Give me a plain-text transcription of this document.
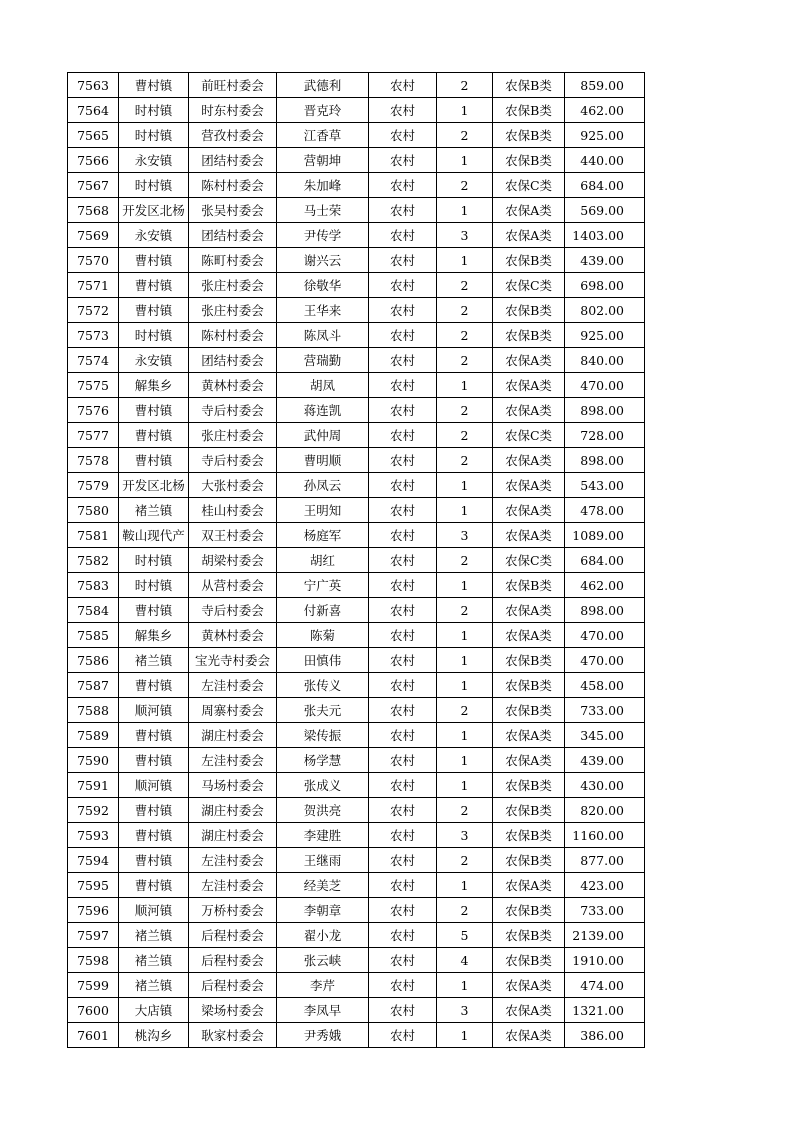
7563	曹村镇	前旺村委会	武德利	农村	2	农保B类	859.00
7564	时村镇	时东村委会	晋克玲	农村	1	农保B类	462.00
7565	时村镇	营孜村委会	江香草	农村	2	农保B类	925.00
7566	永安镇	团结村委会	营朝坤	农村	1	农保B类	440.00
7567	时村镇	陈村村委会	朱加峰	农村	2	农保C类	684.00
7568	开发区北杨	张吴村委会	马士荣	农村	1	农保A类	569.00
7569	永安镇	团结村委会	尹传学	农村	3	农保A类	1403.00
7570	曹村镇	陈町村委会	谢兴云	农村	1	农保B类	439.00
7571	曹村镇	张庄村委会	徐敬华	农村	2	农保C类	698.00
7572	曹村镇	张庄村委会	王华来	农村	2	农保B类	802.00
7573	时村镇	陈村村委会	陈凤斗	农村	2	农保B类	925.00
7574	永安镇	团结村委会	营瑞勤	农村	2	农保A类	840.00
7575	解集乡	黄林村委会	胡凤	农村	1	农保A类	470.00
7576	曹村镇	寺后村委会	蒋连凯	农村	2	农保A类	898.00
7577	曹村镇	张庄村委会	武仲周	农村	2	农保C类	728.00
7578	曹村镇	寺后村委会	曹明顺	农村	2	农保A类	898.00
7579	开发区北杨	大张村委会	孙凤云	农村	1	农保A类	543.00
7580	褚兰镇	桂山村委会	王明知	农村	1	农保A类	478.00
7581	鞍山现代产	双王村委会	杨庭军	农村	3	农保A类	1089.00
7582	时村镇	胡梁村委会	胡红	农村	2	农保C类	684.00
7583	时村镇	从营村委会	宁广英	农村	1	农保B类	462.00
7584	曹村镇	寺后村委会	付新喜	农村	2	农保A类	898.00
7585	解集乡	黄林村委会	陈菊	农村	1	农保A类	470.00
7586	褚兰镇	宝光寺村委会	田慎伟	农村	1	农保B类	470.00
7587	曹村镇	左洼村委会	张传义	农村	1	农保B类	458.00
7588	顺河镇	周寨村委会	张夫元	农村	2	农保B类	733.00
7589	曹村镇	湖庄村委会	梁传振	农村	1	农保A类	345.00
7590	曹村镇	左洼村委会	杨学慧	农村	1	农保A类	439.00
7591	顺河镇	马场村委会	张成义	农村	1	农保B类	430.00
7592	曹村镇	湖庄村委会	贺洪亮	农村	2	农保B类	820.00
7593	曹村镇	湖庄村委会	李建胜	农村	3	农保B类	1160.00
7594	曹村镇	左洼村委会	王继雨	农村	2	农保B类	877.00
7595	曹村镇	左洼村委会	经美芝	农村	1	农保A类	423.00
7596	顺河镇	万桥村委会	李朝章	农村	2	农保B类	733.00
7597	褚兰镇	后程村委会	翟小龙	农村	5	农保B类	2139.00
7598	褚兰镇	后程村委会	张云峡	农村	4	农保B类	1910.00
7599	褚兰镇	后程村委会	李芹	农村	1	农保A类	474.00
7600	大店镇	梁场村委会	李凤早	农村	3	农保A类	1321.00
7601	桃沟乡	耿家村委会	尹秀娥	农村	1	农保A类	386.00
